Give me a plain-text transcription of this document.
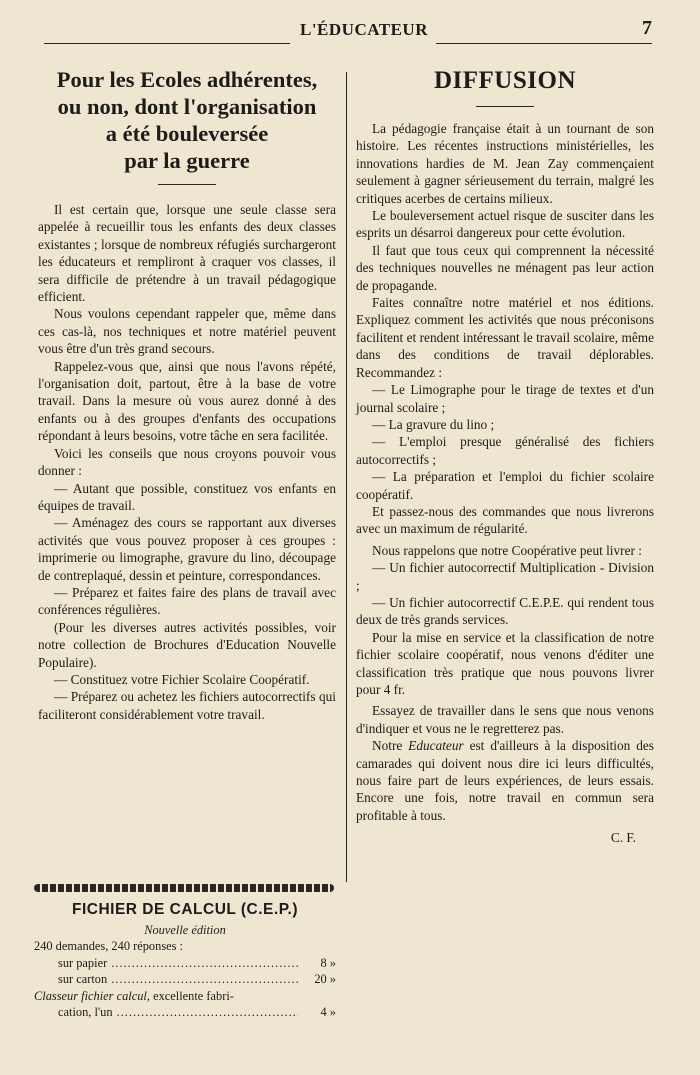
L'ÉDUCATEUR	7
Pour les Ecoles adhérentes,
ou non, dont l'organisation
a été bouleversée
par la guerre

Il est certain que, lorsque une seule classe sera appelée à recueillir tous les enfants des deux classes existantes ; lorsque de nombreux réfugiés surchargeront les éducateurs et rempliront à craquer vos classes, il sera difficile de prétendre à un travail pédagogique efficient.

Nous voulons cependant rappeler que, même dans ces cas-là, nos techniques et notre matériel peuvent vous être d'un très grand secours.

Rappelez-vous que, ainsi que nous l'avons répété, l'organisation doit, partout, être à la base de votre travail. Dans la mesure où vous aurez donné à des enfants ou à des groupes d'enfants des occupations répondant à leurs besoins, votre tâche en sera facilitée.

Voici les conseils que nous croyons pouvoir vous donner :

— Autant que possible, constituez vos enfants en équipes de travail.

— Aménagez des cours se rapportant aux diverses activités que vous pouvez proposer à ces groupes : imprimerie ou limographe, gravure du lino, découpage de contreplaqué, dessin et peinture, correspondances.

— Préparez et faites faire des plans de travail avec conférences régulières.

(Pour les diverses autres activités possibles, voir notre collection de Brochures d'Education Nouvelle Populaire).

— Constituez votre Fichier Scolaire Coopératif.

— Préparez ou achetez les fichiers autocorrectifs qui faciliteront considérablement votre travail.

FICHIER DE CALCUL (C.E.P.)

Nouvelle édition

240 demandes, 240 réponses :

sur papier .....	8 »
sur carton .....	20 »

Classeur fichier calcul, excellente fabri-

cation, l'un .....	4 »
DIFFUSION

La pédagogie française était à un tournant de son histoire. Les récentes instructions ministérielles, les innovations hardies de M. Jean Zay commençaient seulement à gagner sérieusement du terrain, malgré les critiques acerbes de certains milieux.

Le bouleversement actuel risque de susciter dans les esprits un désarroi dangereux pour cette évolution.

Il faut que tous ceux qui comprennent la nécessité des techniques nouvelles ne ménagent pas leur action de propagande.

Faites connaître notre matériel et nos éditions. Expliquez comment les activités que nous préconisons facilitent et rendent intéressant le travail scolaire, même dans des conditions de travail déplorables. Recommandez :

— Le Limographe pour le tirage de textes et d'un journal scolaire ;

— La gravure du lino ;

— L'emploi presque généralisé des fichiers autocorrectifs ;

— La préparation et l'emploi du fichier scolaire coopératif.

Et passez-nous des commandes que nous livrerons avec un maximum de régularité.

Nous rappelons que notre Coopérative peut livrer :

— Un fichier autocorrectif Multiplication - Division ;

— Un fichier autocorrectif C.E.P.E. qui rendent tous deux de très grands services.

Pour la mise en service et la classification de notre fichier scolaire coopératif, nous venons d'éditer une classification très pratique que nous pouvons livrer pour 4 fr.

Essayez de travailler dans le sens que nous venons d'indiquer et vous ne le regretterez pas.

Notre Educateur est d'ailleurs à la disposition des camarades qui doivent nous dire ici leurs difficultés, nous faire part de leurs expériences, de leurs essais. Encore une fois, notre travail en commun sera profitable à tous.

C. F.
